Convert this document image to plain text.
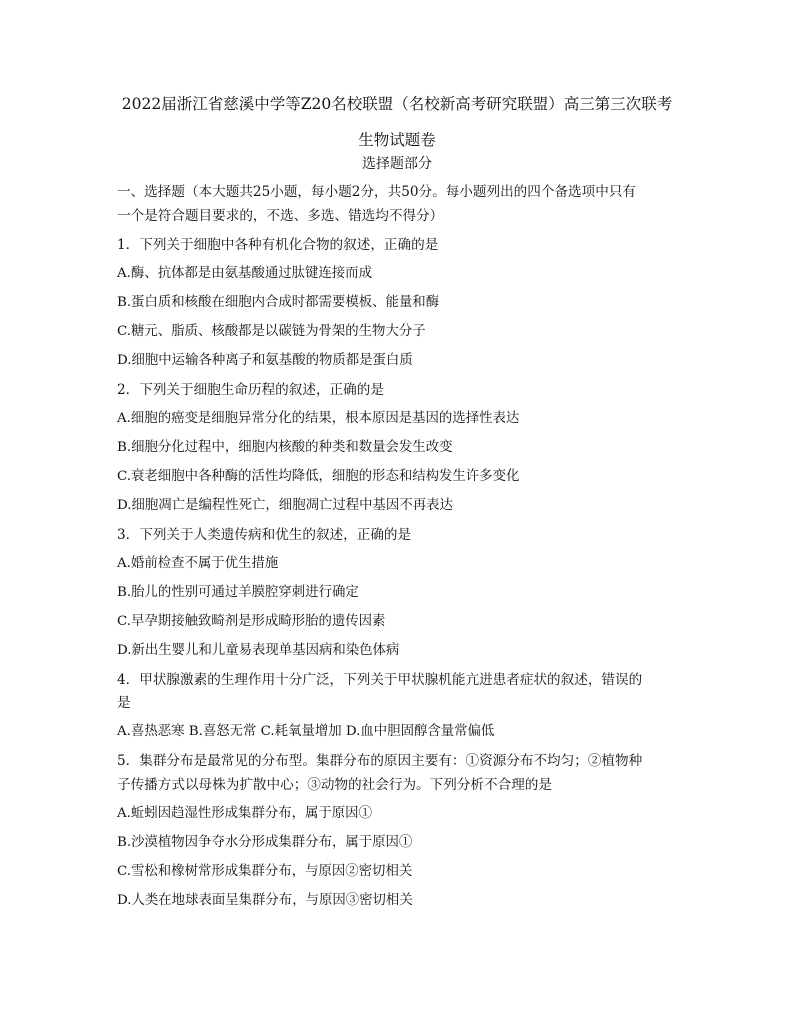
2022届浙江省慈溪中学等Z20名校联盟（名校新高考研究联盟）高三第三次联考
生物试题卷
选择题部分
一、选择题（本大题共25小题，每小题2分，共50分。每小题列出的四个备选项中只有
一个是符合题目要求的，不选、多选、错选均不得分）
1．下列关于细胞中各种有机化合物的叙述，正确的是
A.酶、抗体都是由氨基酸通过肽键连接而成
B.蛋白质和核酸在细胞内合成时都需要模板、能量和酶
C.糖元、脂质、核酸都是以碳链为骨架的生物大分子
D.细胞中运输各种离子和氨基酸的物质都是蛋白质
2．下列关于细胞生命历程的叙述，正确的是
A.细胞的癌变是细胞异常分化的结果，根本原因是基因的选择性表达
B.细胞分化过程中，细胞内核酸的种类和数量会发生改变
C.衰老细胞中各种酶的活性均降低，细胞的形态和结构发生许多变化
D.细胞凋亡是编程性死亡，细胞凋亡过程中基因不再表达
3．下列关于人类遗传病和优生的叙述，正确的是
A.婚前检查不属于优生措施
B.胎儿的性别可通过羊膜腔穿刺进行确定
C.早孕期接触致畸剂是形成畸形胎的遗传因素
D.新出生婴儿和儿童易表现单基因病和染色体病
4．甲状腺激素的生理作用十分广泛，下列关于甲状腺机能亢进患者症状的叙述，错误的
是
A.喜热恶寒 B.喜怒无常 C.耗氧量增加 D.血中胆固醇含量常偏低
5．集群分布是最常见的分布型。集群分布的原因主要有：①资源分布不均匀；②植物种
子传播方式以母株为扩散中心；③动物的社会行为。下列分析不合理的是
A.蚯蚓因趋湿性形成集群分布，属于原因①
B.沙漠植物因争夺水分形成集群分布，属于原因①
C.雪松和橡树常形成集群分布，与原因②密切相关
D.人类在地球表面呈集群分布，与原因③密切相关
